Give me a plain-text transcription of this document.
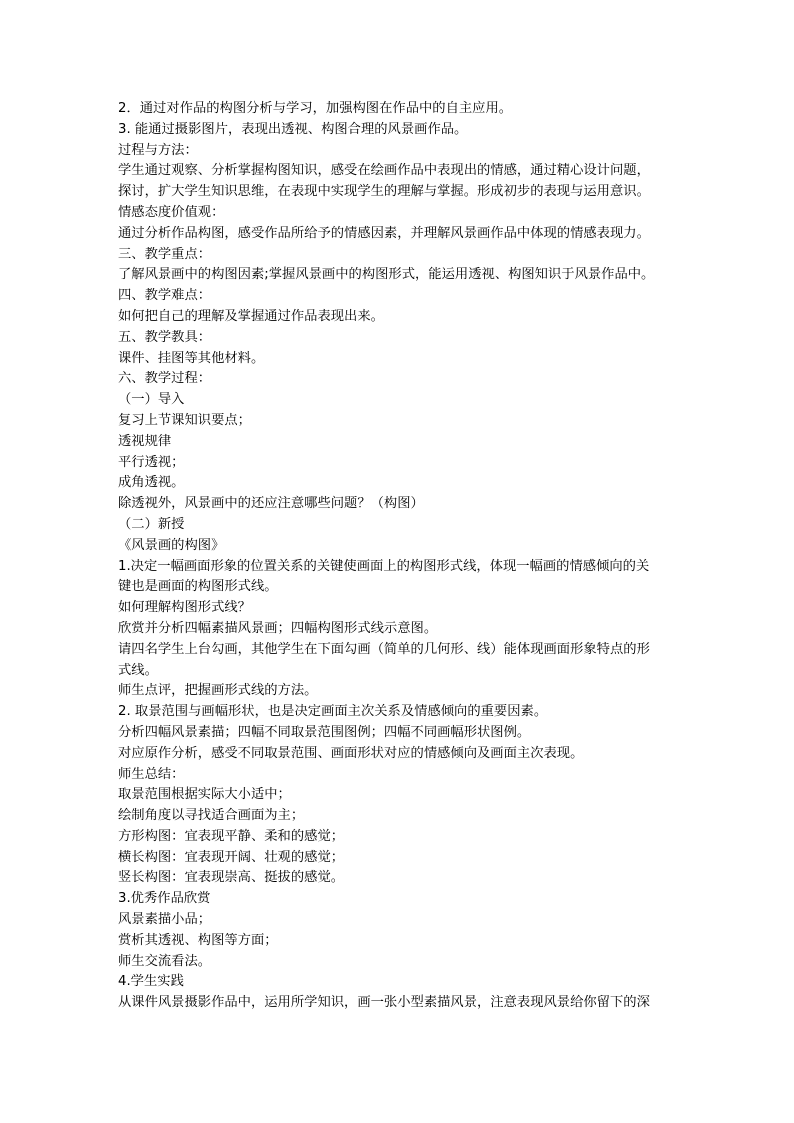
2．通过对作品的构图分析与学习，加强构图在作品中的自主应用。

3. 能通过摄影图片，表现出透视、构图合理的风景画作品。

过程与方法：

学生通过观察、分析掌握构图知识，感受在绘画作品中表现出的情感，通过精心设计问题，

探讨，扩大学生知识思维，在表现中实现学生的理解与掌握。形成初步的表现与运用意识。

情感态度价值观：

通过分析作品构图，感受作品所给予的情感因素，并理解风景画作品中体现的情感表现力。

三、教学重点：

了解风景画中的构图因素;掌握风景画中的构图形式，能运用透视、构图知识于风景作品中。

四、教学难点：

如何把自己的理解及掌握通过作品表现出来。

五、教学教具：

课件、挂图等其他材料。

六、教学过程：

（一）导入

复习上节课知识要点；

透视规律

平行透视；

成角透视。

除透视外，风景画中的还应注意哪些问题？（构图）

（二）新授

《风景画的构图》

1.决定一幅画面形象的位置关系的关键使画面上的构图形式线，体现一幅画的情感倾向的关

键也是画面的构图形式线。

如何理解构图形式线？

欣赏并分析四幅素描风景画；四幅构图形式线示意图。

请四名学生上台勾画，其他学生在下面勾画（简单的几何形、线）能体现画面形象特点的形

式线。

师生点评，把握画形式线的方法。

2. 取景范围与画幅形状，也是决定画面主次关系及情感倾向的重要因素。

分析四幅风景素描；四幅不同取景范围图例；四幅不同画幅形状图例。

对应原作分析，感受不同取景范围、画面形状对应的情感倾向及画面主次表现。

师生总结：

取景范围根据实际大小适中；

绘制角度以寻找适合画面为主；

方形构图：宜表现平静、柔和的感觉；

横长构图：宜表现开阔、壮观的感觉；

竖长构图：宜表现崇高、挺拔的感觉。

3.优秀作品欣赏

风景素描小品；

赏析其透视、构图等方面；

师生交流看法。

4.学生实践

从课件风景摄影作品中，运用所学知识，画一张小型素描风景，注意表现风景给你留下的深
